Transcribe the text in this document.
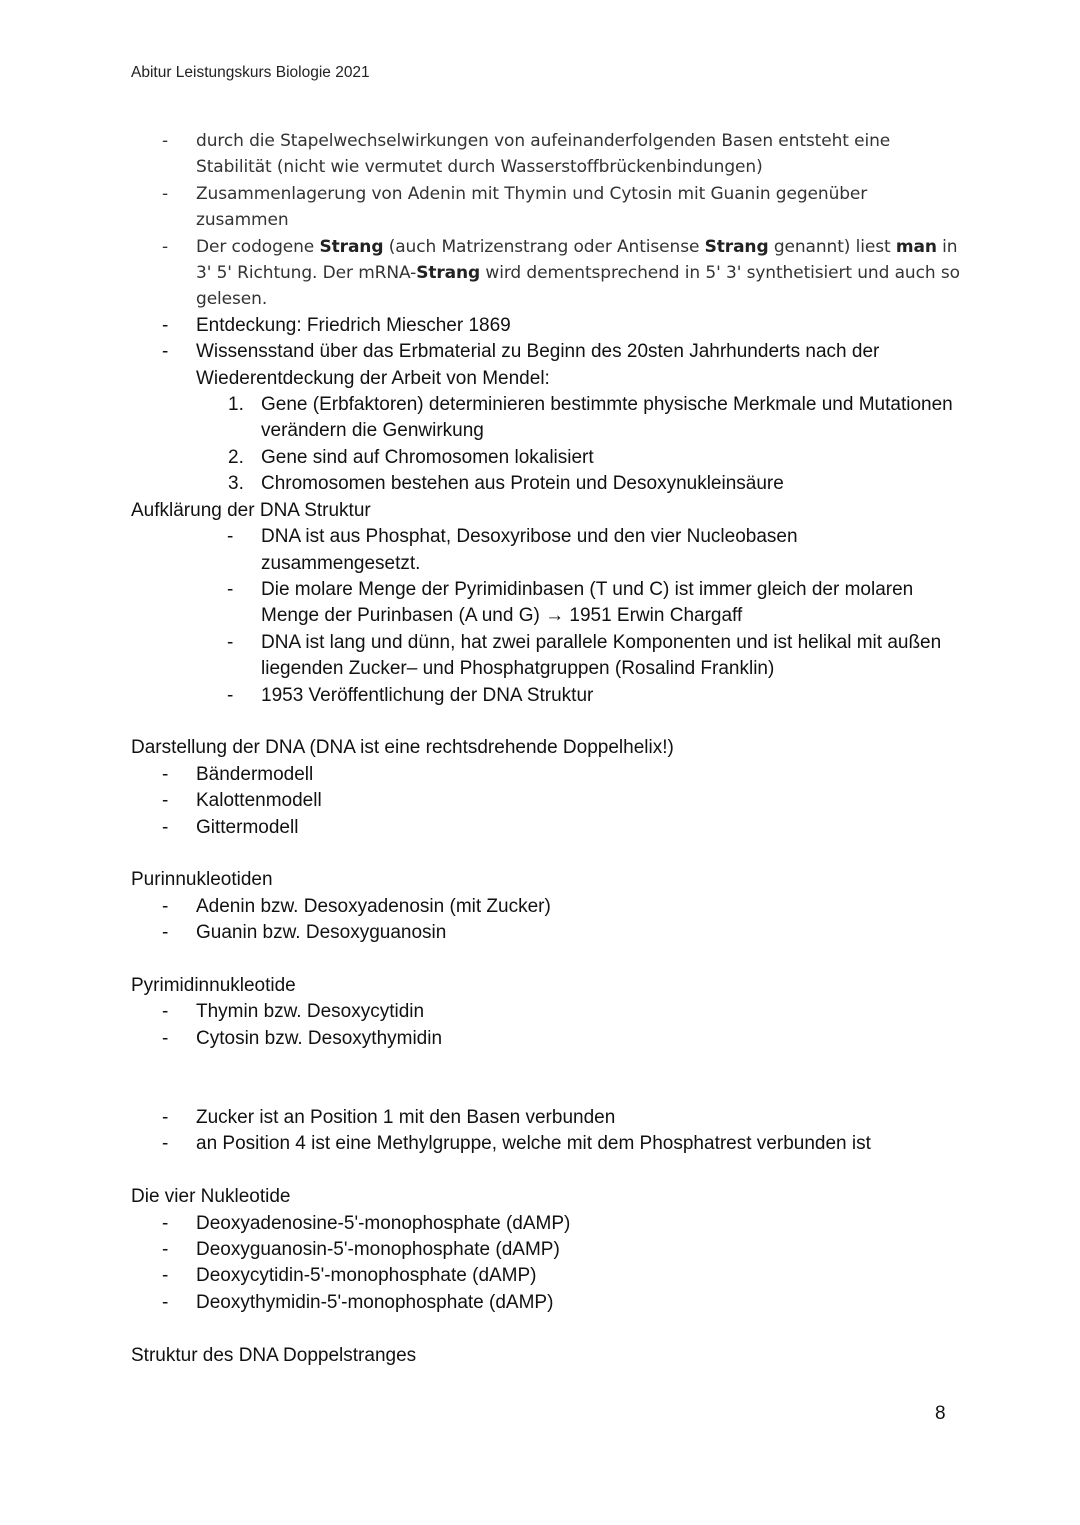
Abitur Leistungskurs Biologie 2021
-	durch die Stapelwechselwirkungen von aufeinanderfolgenden Basen entsteht eine Stabilität (nicht wie vermutet durch Wasserstoffbrückenbindungen)
-	Zusammenlagerung von Adenin mit Thymin und Cytosin mit Guanin gegenüber zusammen
-	Der codogene Strang (auch Matrizenstrang oder Antisense Strang genannt) liest man in 3' 5' Richtung. Der mRNA-Strang wird dementsprechend in 5' 3' synthetisiert und auch so gelesen.
-	Entdeckung: Friedrich Miescher 1869
-	Wissensstand über das Erbmaterial zu Beginn des 20sten Jahrhunderts nach der Wiederentdeckung der Arbeit von Mendel:
1. Gene (Erbfaktoren) determinieren bestimmte physische Merkmale und Mutationen verändern die Genwirkung
2. Gene sind auf Chromosomen lokalisiert
3. Chromosomen bestehen aus Protein und Desoxynukleinsäure
Aufklärung der DNA Struktur
-	DNA ist aus Phosphat, Desoxyribose und den vier Nucleobasen zusammengesetzt.
-	Die molare Menge der Pyrimidinbasen (T und C) ist immer gleich der molaren Menge der Purinbasen (A und G) → 1951 Erwin Chargaff
-	DNA ist lang und dünn, hat zwei parallele Komponenten und ist helikal mit außen liegenden Zucker– und Phosphatgruppen (Rosalind Franklin)
-	1953 Veröffentlichung der DNA Struktur
Darstellung der DNA (DNA ist eine rechtsdrehende Doppelhelix!)
-	Bändermodell
-	Kalottenmodell
-	Gittermodell
Purinnukleotiden
-	Adenin bzw. Desoxyadenosin (mit Zucker)
-	Guanin bzw. Desoxyguanosin
Pyrimidinnukleotide
-	Thymin bzw. Desoxycytidin
-	Cytosin bzw. Desoxythymidin
-	Zucker ist an Position 1 mit den Basen verbunden
-	an Position 4 ist eine Methylgruppe, welche mit dem Phosphatrest verbunden ist
Die vier Nukleotide
-	Deoxyadenosine-5'-monophosphate (dAMP)
-	Deoxyguanosin-5'-monophosphate (dAMP)
-	Deoxycytidin-5'-monophosphate (dAMP)
-	Deoxythymidin-5'-monophosphate (dAMP)
Struktur des DNA Doppelstranges
8
